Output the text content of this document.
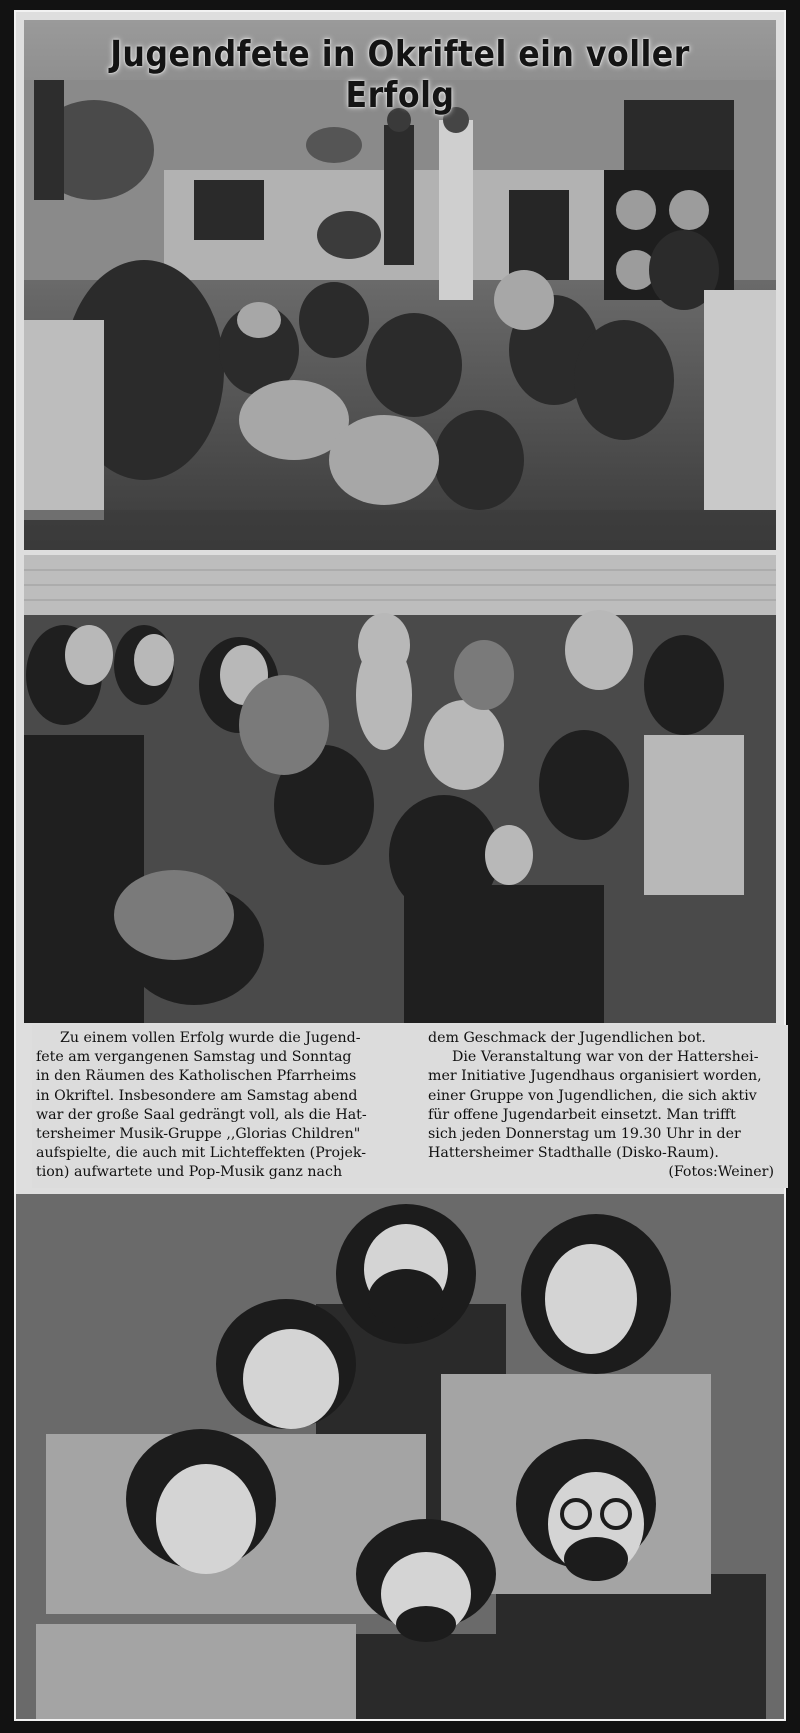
Jugendfete in Okriftel ein voller Erfolg
Zu einem vollen Erfolg wurde die Jugend-
fete am vergangenen Samstag und Sonntag
in den Räumen des Katholischen Pfarrheims
in Okriftel. Insbesondere am Samstag abend
war der große Saal gedrängt voll, als die Hat-
tersheimer Musik-Gruppe ,,Glorias Children"
aufspielte, die auch mit Lichteffekten (Projek-
tion) aufwartete und Pop-Musik ganz nach
dem Geschmack der Jugendlichen bot.
Die Veranstaltung war von der Hattershei-
mer Initiative Jugendhaus organisiert worden,
einer Gruppe von Jugendlichen, die sich aktiv
für offene Jugendarbeit einsetzt. Man trifft
sich jeden Donnerstag um 19.30 Uhr in der
Hattersheimer Stadthalle (Disko-Raum).
(Fotos:Weiner)
